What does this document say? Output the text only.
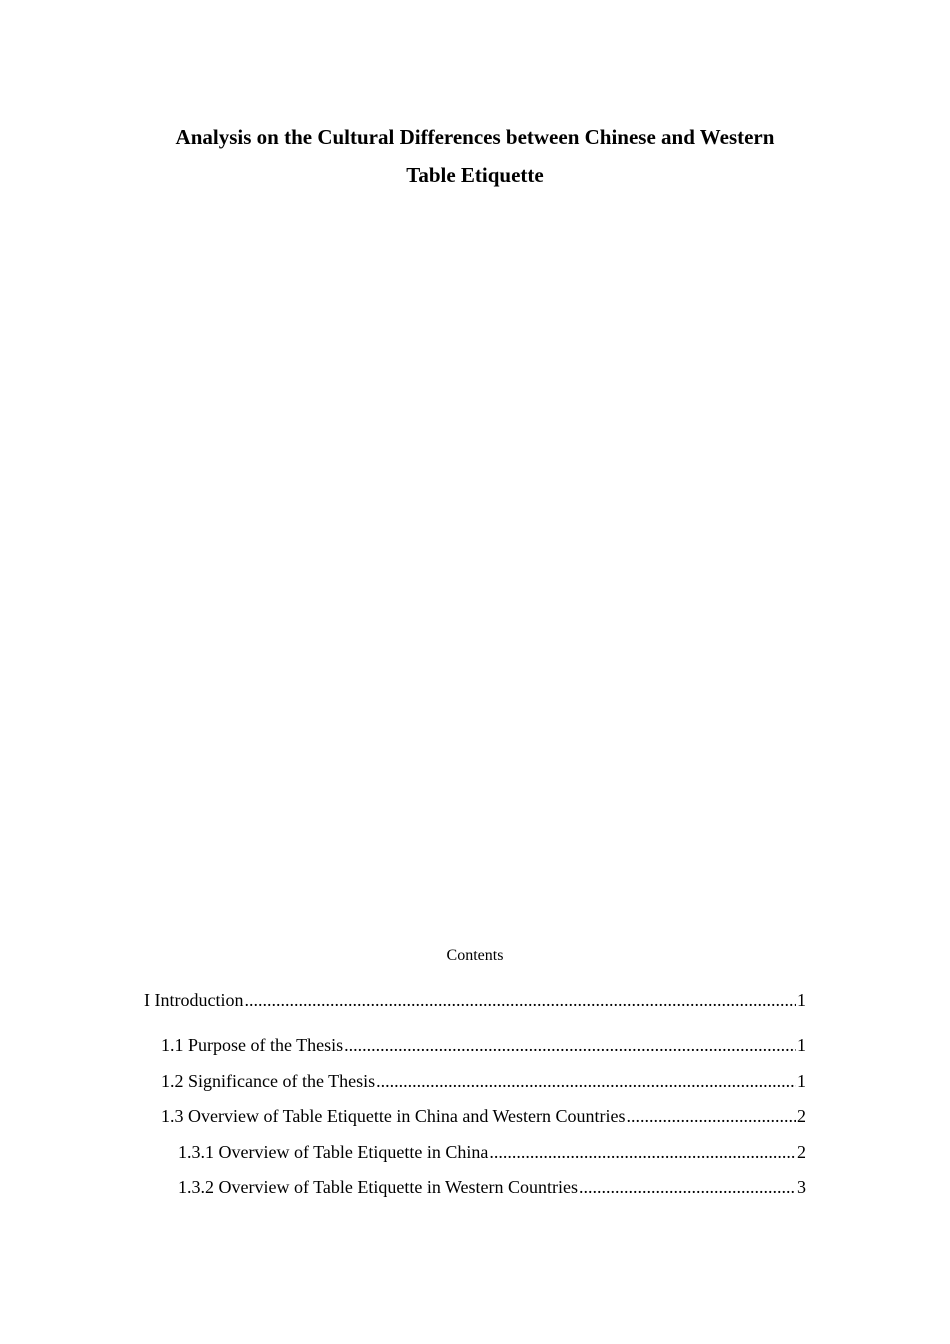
Analysis on the Cultural Differences between Chinese and Western
Table Etiquette
Contents
I Introduction .....	1
1.1 Purpose of the Thesis .....	1
1.2 Significance of the Thesis .....	1
1.3 Overview of Table Etiquette in China and Western Countries .....	2
1.3.1 Overview of Table Etiquette in China .....	2
1.3.2 Overview of Table Etiquette in Western Countries .....	3
